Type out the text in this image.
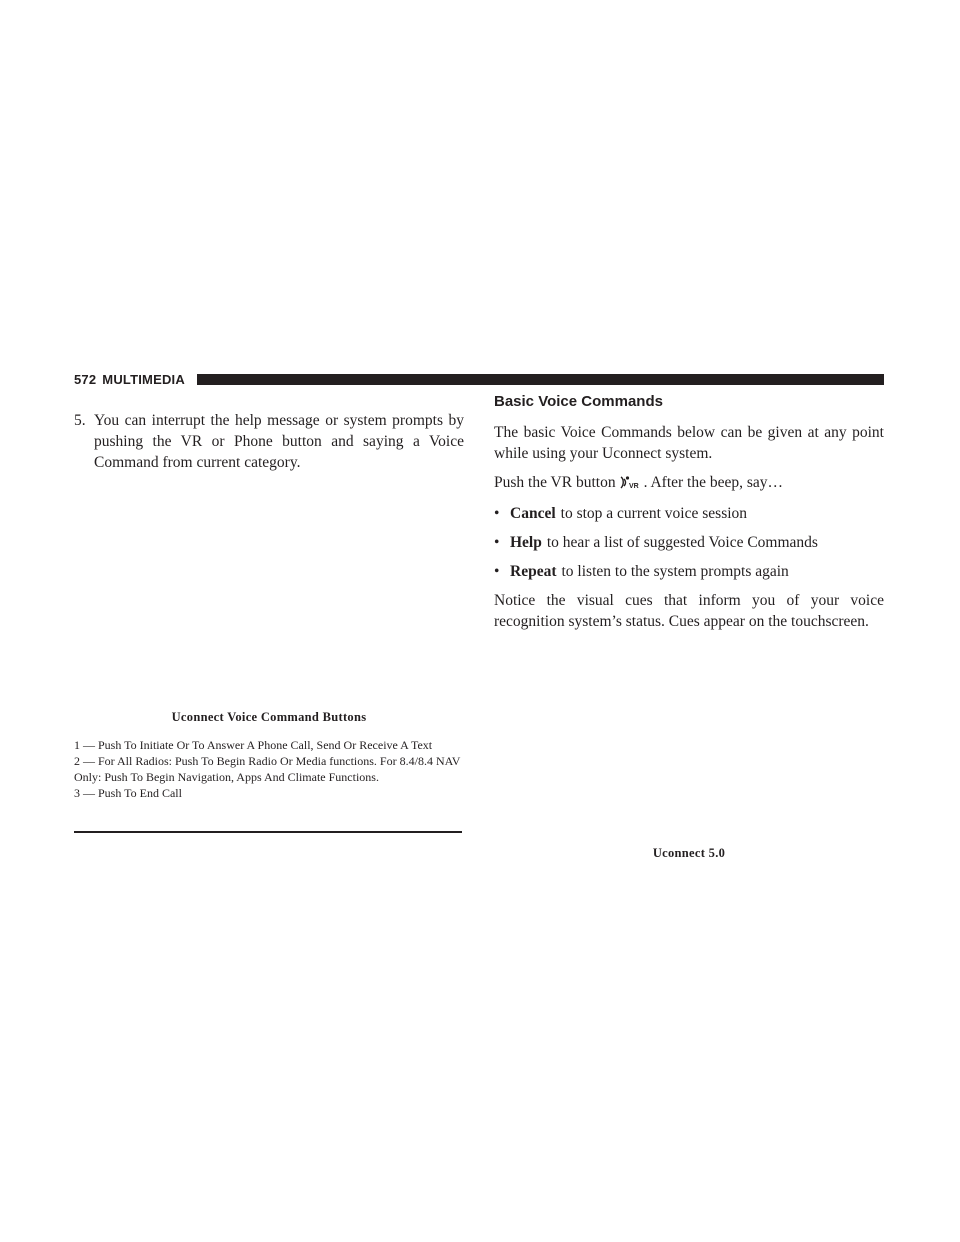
572 MULTIMEDIA
5. You can interrupt the help message or system prompts by pushing the VR or Phone button and saying a Voice Command from current category.
Uconnect Voice Command Buttons

1 — Push To Initiate Or To Answer A Phone Call, Send Or Receive A Text

2 — For All Radios: Push To Begin Radio Or Media functions. For 8.4/8.4 NAV Only: Push To Begin Navigation, Apps And Climate Functions.

3 — Push To End Call

Basic Voice Commands

The basic Voice Commands below can be given at any point while using your Uconnect system.

Push the VR button VR . After the beep, say…
• Cancel to stop a current voice session
• Help to hear a list of suggested Voice Commands
• Repeat to listen to the system prompts again

Notice the visual cues that inform you of your voice recognition system’s status. Cues appear on the touchscreen.

Uconnect 5.0
